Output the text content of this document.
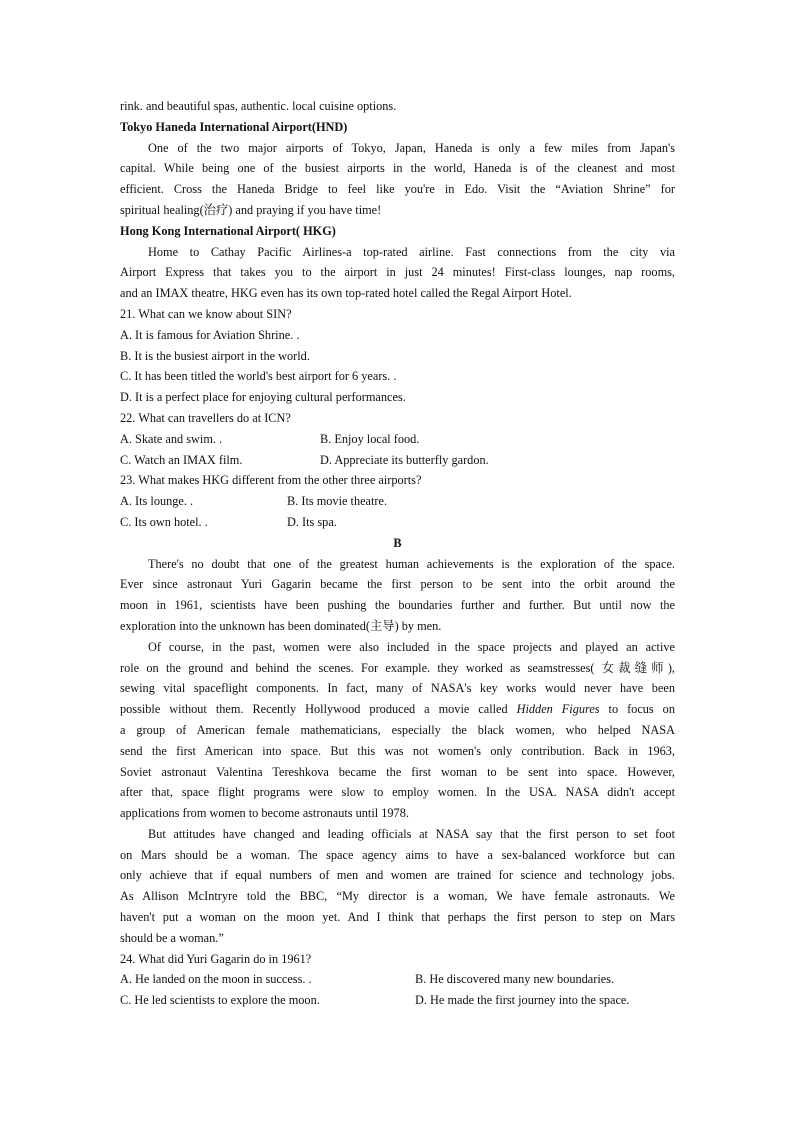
rink. and beautiful spas, authentic. local cuisine options.

Tokyo Haneda International Airport(HND)

One of the two major airports of Tokyo, Japan, Haneda is only a few miles from Japan's

capital. While being one of the busiest airports in the world, Haneda is of the cleanest and most

efficient. Cross the Haneda Bridge to feel like you're in Edo. Visit the “Aviation Shrine” for

spiritual healing(治疗) and praying if you have time!

Hong Kong International Airport( HKG)

Home to Cathay Pacific Airlines-a top-rated airline. Fast connections from the city via

Airport Express that takes you to the airport in just 24 minutes! First-class lounges, nap rooms,

and an IMAX theatre, HKG even has its own top-rated hotel called the Regal Airport Hotel.

21. What can we know about SIN?

A. It is famous for Aviation Shrine. .

B. It is the busiest airport in the world.

C. It has been titled the world's best airport for 6 years. .

D. It is a perfect place for enjoying cultural performances.

22. What can travellers do at ICN?

A. Skate and swim. .	B. Enjoy local food.
C. Watch an IMAX film.	D. Appreciate its butterfly gardon.

23. What makes HKG different from the other three airports?

A. Its lounge. .	B. Its movie theatre.
C. Its own hotel. .	D. Its spa.

B

There's no doubt that one of the greatest human achievements is the exploration of the space.

Ever since astronaut Yuri Gagarin became the first person to be sent into the orbit around the

moon in 1961, scientists have been pushing the boundaries further and further. But until now the

exploration into the unknown has been dominated(主导) by men.

Of course, in the past, women were also included in the space projects and played an active

role on the ground and behind the scenes. For example. they worked as seamstresses( 女裁缝师),

sewing vital spaceflight components. In fact, many of NASA's key works would never have been

possible without them. Recently Hollywood produced a movie called Hidden Figures to focus on

a group of American female mathematicians, especially the black women, who helped NASA

send the first American into space. But this was not women's only contribution. Back in 1963,

Soviet astronaut Valentina Tereshkova became the first woman to be sent into space. However,

after that, space flight programs were slow to employ women. In the USA. NASA didn't accept

applications from women to become astronauts until 1978.

But attitudes have changed and leading officials at NASA say that the first person to set foot

on Mars should be a woman. The space agency aims to have a sex-balanced workforce but can

only achieve that if equal numbers of men and women are trained for science and technology jobs.

As Allison McIntryre told the BBC, “My director is a woman, We have female astronauts. We

haven't put a woman on the moon yet. And I think that perhaps the first person to step on Mars

should be a woman.”

24. What did Yuri Gagarin do in 1961?

A. He landed on the moon in success. .	B. He discovered many new boundaries.
C. He led scientists to explore the moon.	D. He made the first journey into the space.
